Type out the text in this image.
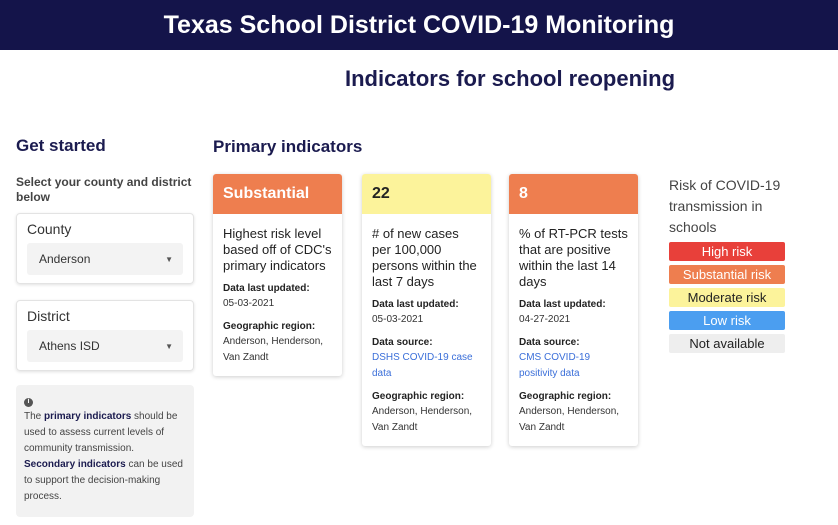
Texas School District COVID-19 Monitoring
Indicators for school reopening
Get started
Select your county and district below
County
Anderson	▼
District
Athens ISD	▼
i
The primary indicators should be used to assess current levels of community transmission. Secondary indicators can be used to support the decision-making process.
Primary indicators
Substantial
Highest risk level based off of CDC's primary indicators
Data last updated:
05-03-2021
Geographic region:
Anderson, Henderson, Van Zandt
22
# of new cases per 100,000 persons within the last 7 days
Data last updated:
05-03-2021
Data source:
DSHS COVID-19 case data
Geographic region:
Anderson, Henderson, Van Zandt
8
% of RT-PCR tests that are positive within the last 14 days
Data last updated:
04-27-2021
Data source:
CMS COVID-19 positivity data
Geographic region:
Anderson, Henderson, Van Zandt
Risk of COVID-19 transmission in schools
High risk
Substantial risk
Moderate risk
Low risk
Not available
